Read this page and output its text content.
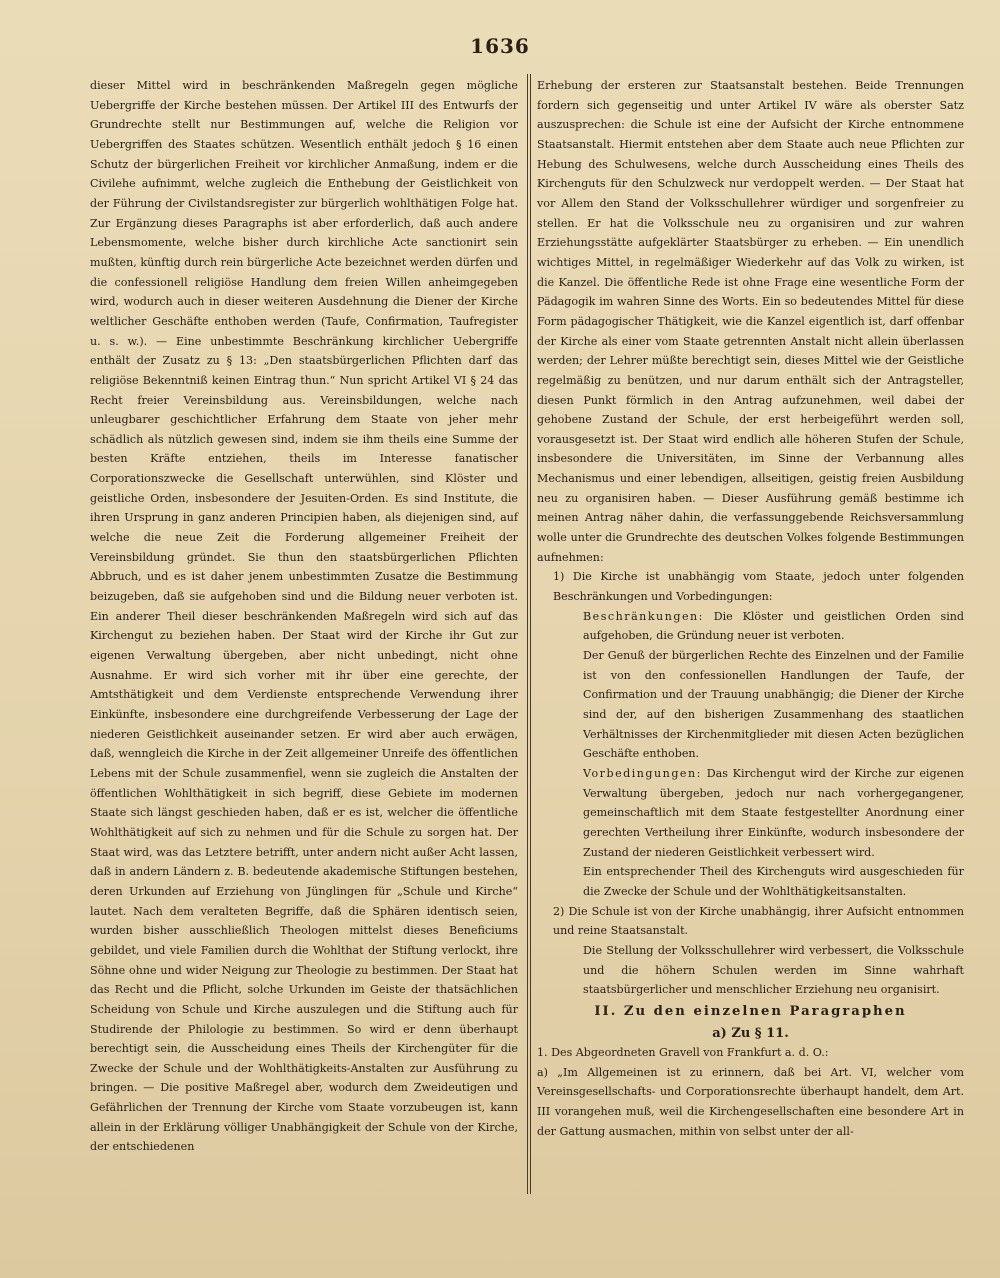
1636

dieser Mittel wird in beschränkenden Maßregeln gegen mögliche Uebergriffe der Kirche bestehen müssen. Der Artikel III des Entwurfs der Grundrechte stellt nur Bestimmungen auf, welche die Religion vor Uebergriffen des Staates schützen. Wesentlich enthält jedoch § 16 einen Schutz der bürgerlichen Freiheit vor kirchlicher Anmaßung, indem er die Civilehe aufnimmt, welche zugleich die Enthebung der Geistlichkeit von der Führung der Civilstandsregister zur bürgerlich wohlthätigen Folge hat. Zur Ergänzung dieses Paragraphs ist aber erforderlich, daß auch andere Lebensmomente, welche bisher durch kirchliche Acte sanctionirt sein mußten, künftig durch rein bürgerliche Acte bezeichnet werden dürfen und die confessionell religiöse Handlung dem freien Willen anheimgegeben wird, wodurch auch in dieser weiteren Ausdehnung die Diener der Kirche weltlicher Geschäfte enthoben werden (Taufe, Confirmation, Taufregister u. s. w.). — Eine unbestimmte Beschränkung kirchlicher Uebergriffe enthält der Zusatz zu § 13: „Den staatsbürgerlichen Pflichten darf das religiöse Bekenntniß keinen Eintrag thun.“ Nun spricht Artikel VI § 24 das Recht freier Vereinsbildung aus. Vereinsbildungen, welche nach unleugbarer geschichtlicher Erfahrung dem Staate von jeher mehr schädlich als nützlich gewesen sind, indem sie ihm theils eine Summe der besten Kräfte entziehen, theils im Interesse fanatischer Corporationszwecke die Gesellschaft unterwühlen, sind Klöster und geistliche Orden, insbesondere der Jesuiten-Orden. Es sind Institute, die ihren Ursprung in ganz anderen Principien haben, als diejenigen sind, auf welche die neue Zeit die Forderung allgemeiner Freiheit der Vereinsbildung gründet. Sie thun den staatsbürgerlichen Pflichten Abbruch, und es ist daher jenem unbestimmten Zusatze die Bestimmung beizugeben, daß sie aufgehoben sind und die Bildung neuer verboten ist. Ein anderer Theil dieser beschränkenden Maßregeln wird sich auf das Kirchengut zu beziehen haben. Der Staat wird der Kirche ihr Gut zur eigenen Verwaltung übergeben, aber nicht unbedingt, nicht ohne Ausnahme. Er wird sich vorher mit ihr über eine gerechte, der Amtsthätigkeit und dem Verdienste entsprechende Verwendung ihrer Einkünfte, insbesondere eine durchgreifende Verbesserung der Lage der niederen Geistlichkeit auseinander setzen. Er wird aber auch erwägen, daß, wenngleich die Kirche in der Zeit allgemeiner Unreife des öffentlichen Lebens mit der Schule zusammenfiel, wenn sie zugleich die Anstalten der öffentlichen Wohlthätigkeit in sich begriff, diese Gebiete im modernen Staate sich längst geschieden haben, daß er es ist, welcher die öffentliche Wohlthätigkeit auf sich zu nehmen und für die Schule zu sorgen hat. Der Staat wird, was das Letztere betrifft, unter andern nicht außer Acht lassen, daß in andern Ländern z. B. bedeutende akademische Stiftungen bestehen, deren Urkunden auf Erziehung von Jünglingen für „Schule und Kirche“ lautet. Nach dem veralteten Begriffe, daß die Sphären identisch seien, wurden bisher ausschließlich Theologen mittelst dieses Beneficiums gebildet, und viele Familien durch die Wohlthat der Stiftung verlockt, ihre Söhne ohne und wider Neigung zur Theologie zu bestimmen. Der Staat hat das Recht und die Pflicht, solche Urkunden im Geiste der thatsächlichen Scheidung von Schule und Kirche auszulegen und die Stiftung auch für Studirende der Philologie zu bestimmen. So wird er denn überhaupt berechtigt sein, die Ausscheidung eines Theils der Kirchengüter für die Zwecke der Schule und der Wohlthätigkeits-Anstalten zur Ausführung zu bringen. — Die positive Maßregel aber, wodurch dem Zweideutigen und Gefährlichen der Trennung der Kirche vom Staate vorzubeugen ist, kann allein in der Erklärung völliger Unabhängigkeit der Schule von der Kirche, der entschiedenen

Erhebung der ersteren zur Staatsanstalt bestehen. Beide Trennungen fordern sich gegenseitig und unter Artikel IV wäre als oberster Satz auszusprechen: die Schule ist eine der Aufsicht der Kirche entnommene Staatsanstalt. Hiermit entstehen aber dem Staate auch neue Pflichten zur Hebung des Schulwesens, welche durch Ausscheidung eines Theils des Kirchenguts für den Schulzweck nur verdoppelt werden. — Der Staat hat vor Allem den Stand der Volksschullehrer würdiger und sorgenfreier zu stellen. Er hat die Volksschule neu zu organisiren und zur wahren Erziehungsstätte aufgeklärter Staatsbürger zu erheben. — Ein unendlich wichtiges Mittel, in regelmäßiger Wiederkehr auf das Volk zu wirken, ist die Kanzel. Die öffentliche Rede ist ohne Frage eine wesentliche Form der Pädagogik im wahren Sinne des Worts. Ein so bedeutendes Mittel für diese Form pädagogischer Thätigkeit, wie die Kanzel eigentlich ist, darf offenbar der Kirche als einer vom Staate getrennten Anstalt nicht allein überlassen werden; der Lehrer müßte berechtigt sein, dieses Mittel wie der Geistliche regelmäßig zu benützen, und nur darum enthält sich der Antragsteller, diesen Punkt förmlich in den Antrag aufzunehmen, weil dabei der gehobene Zustand der Schule, der erst herbeigeführt werden soll, vorausgesetzt ist. Der Staat wird endlich alle höheren Stufen der Schule, insbesondere die Universitäten, im Sinne der Verbannung alles Mechanismus und einer lebendigen, allseitigen, geistig freien Ausbildung neu zu organisiren haben. — Dieser Ausführung gemäß bestimme ich meinen Antrag näher dahin, die verfassunggebende Reichsversammlung wolle unter die Grundrechte des deutschen Volkes folgende Bestimmungen aufnehmen:

1) Die Kirche ist unabhängig vom Staate, jedoch unter folgenden Beschränkungen und Vorbedingungen:

Beschränkungen: Die Klöster und geistlichen Orden sind aufgehoben, die Gründung neuer ist verboten.

Der Genuß der bürgerlichen Rechte des Einzelnen und der Familie ist von den confessionellen Handlungen der Taufe, der Confirmation und der Trauung unabhängig; die Diener der Kirche sind der, auf den bisherigen Zusammenhang des staatlichen Verhältnisses der Kirchenmitglieder mit diesen Acten bezüglichen Geschäfte enthoben.

Vorbedingungen: Das Kirchengut wird der Kirche zur eigenen Verwaltung übergeben, jedoch nur nach vorhergegangener, gemeinschaftlich mit dem Staate festgestellter Anordnung einer gerechten Vertheilung ihrer Einkünfte, wodurch insbesondere der Zustand der niederen Geistlichkeit verbessert wird.

Ein entsprechender Theil des Kirchenguts wird ausgeschieden für die Zwecke der Schule und der Wohlthätigkeitsanstalten.

2) Die Schule ist von der Kirche unabhängig, ihrer Aufsicht entnommen und reine Staatsanstalt.

Die Stellung der Volksschullehrer wird verbessert, die Volksschule und die höhern Schulen werden im Sinne wahrhaft staatsbürgerlicher und menschlicher Erziehung neu organisirt.

II. Zu den einzelnen Paragraphen

a) Zu § 11.

1. Des Abgeordneten Gravell von Frankfurt a. d. O.:

a) „Im Allgemeinen ist zu erinnern, daß bei Art. VI, welcher vom Vereinsgesellschafts- und Corporationsrechte überhaupt handelt, dem Art. III vorangehen muß, weil die Kirchengesellschaften eine besondere Art in der Gattung ausmachen, mithin von selbst unter der all-
